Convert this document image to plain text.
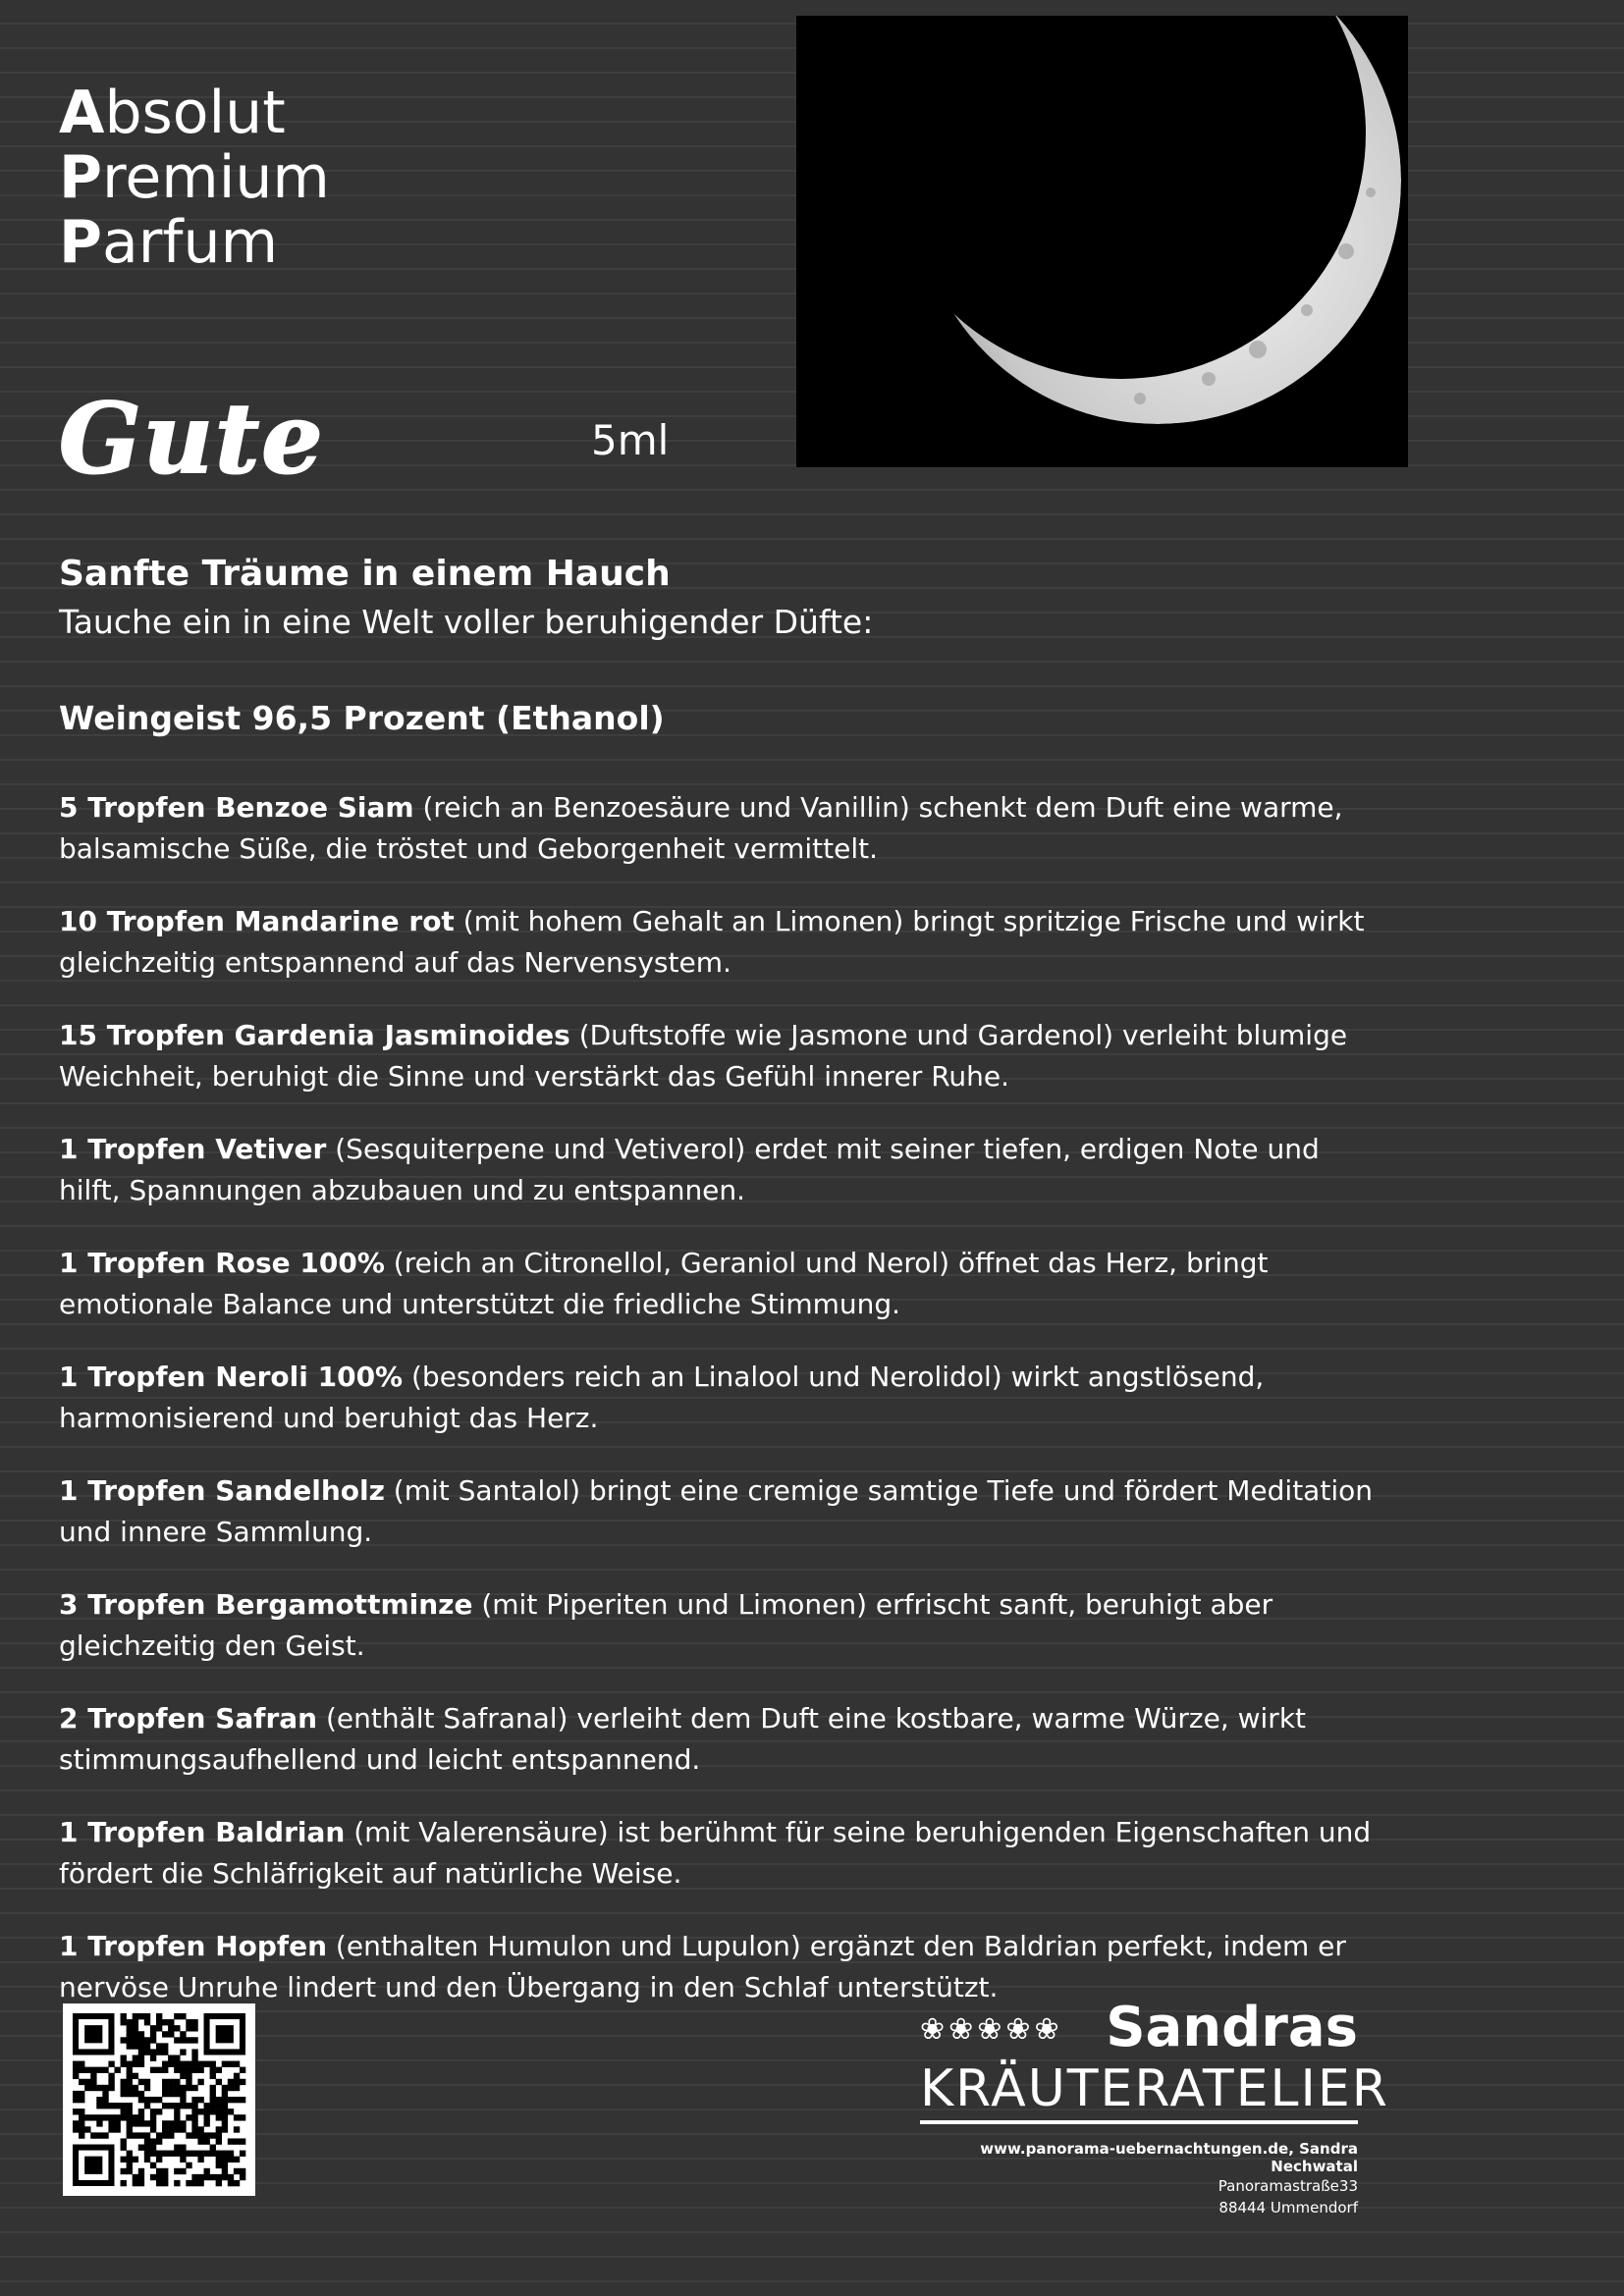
Absolut
Premium
Parfum
Gute	5ml
Sanfte Träume in einem Hauch
Tauche ein in eine Welt voller beruhigender Düfte:
Weingeist 96,5 Prozent (Ethanol)
5 Tropfen Benzoe Siam (reich an Benzoesäure und Vanillin) schenkt dem Duft eine warme, balsamische Süße, die tröstet und Geborgenheit vermittelt.
10 Tropfen Mandarine rot (mit hohem Gehalt an Limonen) bringt spritzige Frische und wirkt gleichzeitig entspannend auf das Nervensystem.
15 Tropfen Gardenia Jasminoides (Duftstoffe wie Jasmone und Gardenol) verleiht blumige Weichheit, beruhigt die Sinne und verstärkt das Gefühl innerer Ruhe.
1 Tropfen Vetiver (Sesquiterpene und Vetiverol) erdet mit seiner tiefen, erdigen Note und hilft, Spannungen abzubauen und zu entspannen.
1 Tropfen Rose 100% (reich an Citronellol, Geraniol und Nerol) öffnet das Herz, bringt emotionale Balance und unterstützt die friedliche Stimmung.
1 Tropfen Neroli 100% (besonders reich an Linalool und Nerolidol) wirkt angstlösend, harmonisierend und beruhigt das Herz.
1 Tropfen Sandelholz (mit Santalol) bringt eine cremige samtige Tiefe und fördert Meditation und innere Sammlung.
3 Tropfen Bergamottminze (mit Piperiten und Limonen) erfrischt sanft, beruhigt aber gleichzeitig den Geist.
2 Tropfen Safran (enthält Safranal) verleiht dem Duft eine kostbare, warme Würze, wirkt stimmungsaufhellend und leicht entspannend.
1 Tropfen Baldrian (mit Valerensäure) ist berühmt für seine beruhigenden Eigenschaften und fördert die Schläfrigkeit auf natürliche Weise.
1 Tropfen Hopfen (enthalten Humulon und Lupulon) ergänzt den Baldrian perfekt, indem er nervöse Unruhe lindert und den Übergang in den Schlaf unterstützt.
❀❀❀❀❀ Sandras
KRÄUTERATELIER
www.panorama-uebernachtungen.de, Sandra Nechwatal
Panoramastraße33
88444 Ummendorf
